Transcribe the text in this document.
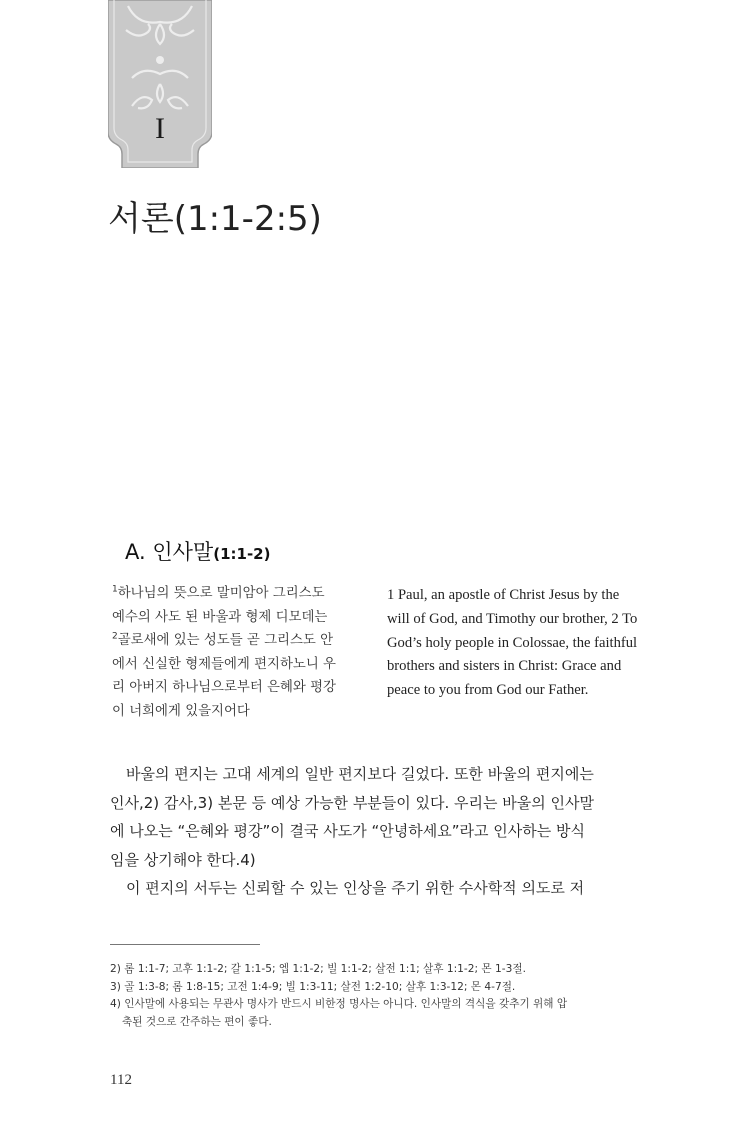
I
서론(1:1-2:5)
A. 인사말(1:1-2)
$^1$하나님의 뜻으로 말미암아 그리스도
예수의 사도 된 바울과 형제 디모데는
$^2$골로새에 있는 성도들 곧 그리스도 안
에서 신실한 형제들에게 편지하노니 우
리 아버지 하나님으로부터 은혜와 평강
이 너희에게 있을지어다
1 Paul, an apostle of Christ Jesus by the
will of God, and Timothy our brother, 2 To
God’s holy people in Colossae, the faithful
brothers and sisters in Christ: Grace and
peace to you from God our Father.
바울의 편지는 고대 세계의 일반 편지보다 길었다. 또한 바울의 편지에는
인사,2) 감사,3) 본문 등 예상 가능한 부분들이 있다. 우리는 바울의 인사말
에 나오는 “은혜와 평강”이 결국 사도가 “안녕하세요”라고 인사하는 방식
임을 상기해야 한다.4)
이 편지의 서두는 신뢰할 수 있는 인상을 주기 위한 수사학적 의도로 저
2) 롬 1:1-7; 고후 1:1-2; 갈 1:1-5; 엡 1:1-2; 빌 1:1-2; 살전 1:1; 살후 1:1-2; 몬 1-3절.
3) 골 1:3-8; 롬 1:8-15; 고전 1:4-9; 빌 1:3-11; 살전 1:2-10; 살후 1:3-12; 몬 4-7절.
4) 인사말에 사용되는 무관사 명사가 반드시 비한정 명사는 아니다. 인사말의 격식을 갖추기 위해 압
축된 것으로 간주하는 편이 좋다.
112
